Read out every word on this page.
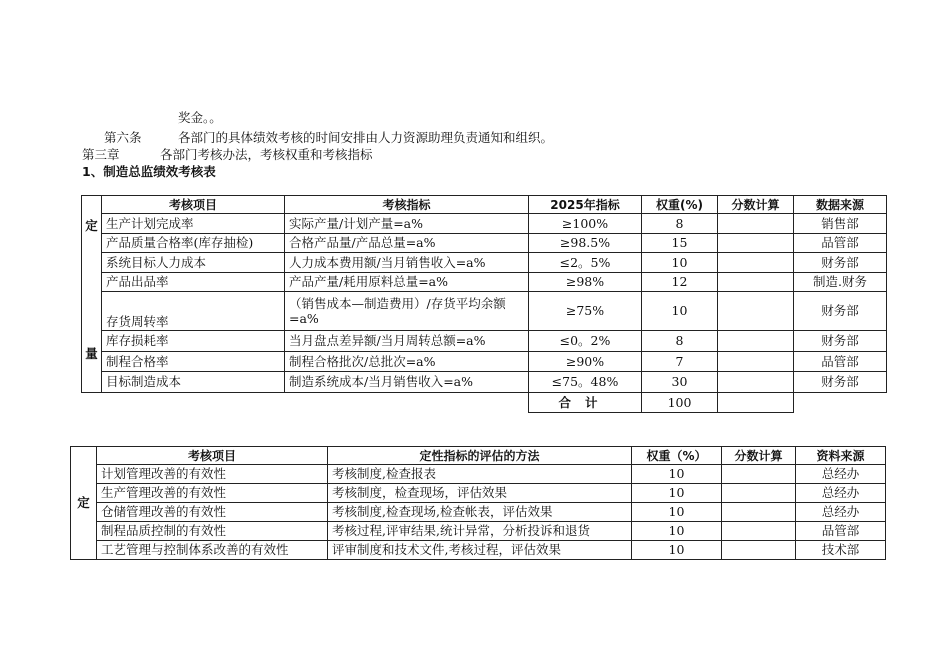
奖金。。
第六条	各部门的具体绩效考核的时间安排由人力资源助理负责通知和组织。
第三章	各部门考核办法，考核权重和考核指标
1、制造总监绩效考核表
定
量	考核项目	考核指标	2025年指标	权重(%)	分数计算	数据来源
	生产计划完成率	实际产量/计划产量=a%	≥100%	8		销售部
	产品质量合格率(库存抽检)	合格产品量/产品总量=a%	≥98.5%	15		品管部
	系统目标人力成本	人力成本费用额/当月销售收入=a%	≤2。5%	10		财务部
	产品出品率	产品产量/耗用原料总量=a%	≥98%	12		制造.财务
	存货周转率	（销售成本—制造费用）/存货平均余额=a%	≥75%	10		财务部
	库存损耗率	当月盘点差异额/当月周转总额=a%	≤0。2%	8		财务部
	制程合格率	制程合格批次/总批次=a%	≥90%	7		品管部
	目标制造成本	制造系统成本/当月销售收入=a%	≤75。48%	30		财务部
			合计	100		
定	考核项目	定性指标的评估的方法	权重（%）	分数计算	资料来源
	计划管理改善的有效性	考核制度,检查报表	10		总经办
	生产管理改善的有效性	考核制度，检查现场，评估效果	10		总经办
	仓储管理改善的有效性	考核制度,检查现场,检查帐表，评估效果	10		总经办
	制程品质控制的有效性	考核过程,评审结果,统计异常，分析投诉和退货	10		品管部
	工艺管理与控制体系改善的有效性	评审制度和技术文件,考核过程，评估效果	10		技术部
